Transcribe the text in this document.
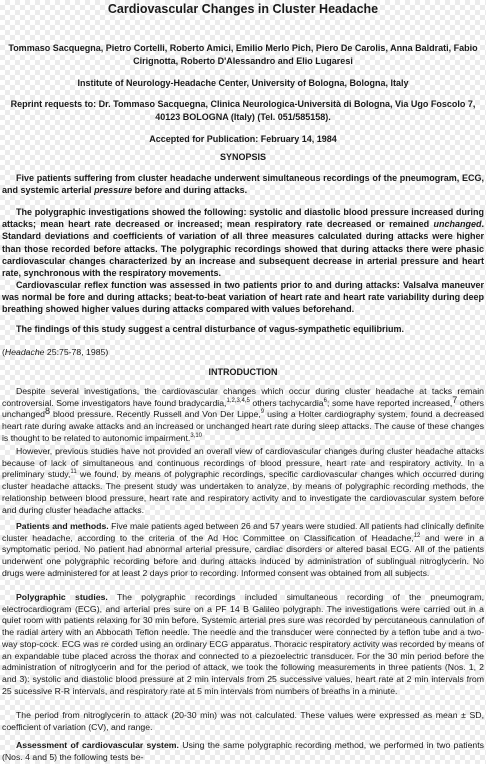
Cardiovascular Changes in Cluster Headache
Tommaso Sacquegna, Pietro Cortelli, Roberto Amici, Emilio Merlo Pich, Piero De Carolis, Anna Baldrati, Fabio Cirignotta, Roberto D'Alessandro and Elio Lugaresi
Institute of Neurology-Headache Center, University of Bologna, Bologna, Italy
Reprint requests to: Dr. Tommaso Sacquegna, Clinica Neurologica-Università di Bologna, Via Ugo Foscolo 7, 40123 BOLOGNA (Italy) (Tel. 051/585158).
Accepted for Publication: February 14, 1984
SYNOPSIS
Five patients suffering from cluster headache underwent simultaneous recordings of the pneumogram, ECG, and systemic arterial pressure before and during attacks.
The polygraphic investigations showed the following: systolic and diastolic blood pressure increased during attacks; mean heart rate decreased or increased; mean respiratory rate decreased or remained unchanged. Standard deviations and coefficients of variation of all three measures calculated during attacks were higher than those recorded before attacks. The polygraphic recordings showed that during attacks there were phasic cardiovascular changes characterized by an increase and subsequent decrease in arterial pressure and heart rate, synchronous with the respiratory movements.
Cardiovascular reflex function was assessed in two patients prior to and during attacks: Valsalva maneuver was normal be fore and during attacks; beat-to-beat variation of heart rate and heart rate variability during deep breathing showed higher values during attacks compared with values beforehand.
The findings of this study suggest a central disturbance of vagus-sympathetic equilibrium.
(Headache 25:75-78, 1985)
INTRODUCTION
Despite several investigations, the cardiovascular changes which occur during cluster headache at tacks remain controversial. Some investigators have found bradycardia,$^{1,2,3,4,5}$ others tachycardia$^6$; some have reported increased,7 others unchanged8 blood pressure. Recently Russell and Von Der Lippe,$^9$ using a Holter cardiography system, found a decreased heart rate during awake attacks and an increased or unchanged heart rate during sleep attacks. The cause of these changes is thought to be related to autonomic impairment.$^{3,10}$
However, previous studies have not provided an overall view of cardiovascular changes during cluster headache attacks because of lack of simultaneous and continuous recordings of blood pressure, heart rate and respiratory activity. In a preliminary study,$^{11}$ we found, by means of polygraphic recordings, specific cardiovascular changes which occurred during cluster headache attacks. The present study was undertaken to analyze, by means of polygraphic recording methods, the relationship between blood pressure, heart rate and respiratory activity and to investigate the cardiovascular system before and during cluster headache attacks.
Patients and methods. Five male patients aged between 26 and 57 years were studied. All patients had clinically definite cluster headache, according to the criteria of the Ad Hoc Committee on Classification of Headache,$^{12}$ and were in a symptomatic period. No patient had abnormal arterial pressure, cardiac disorders or altered basal ECG. All of the patients underwent one polygraphic recording before and during attacks induced by administration of sublingual nitroglycerin. No drugs were administered for at least 2 days prior to recording. Informed consent was obtained from all subjects.
Polygraphic studies. The polygraphic recordings included simultaneous recording of the pneumogram, electrocardiogram (ECG), and arterial pres sure on a PF 14 B Galileo polygraph. The investigations were carried out in a quiet room with patients relaxing for 30 min before. Systemic arterial pres sure was recorded by percutaneous cannulation of the radial artery with an Abbocath Teflon needle. The needle and the transducer were connected by a teflon tube and a two-way stop-cock. ECG was re corded using an ordinary ECG apparatus. Thoracic respiratory activity was recorded by means of an expandable tube placed across the thorax and connected to a piezoelectric transducer. For the 30 min period before the administration of nitroglycerin and for the period of attack, we took the following measurements in three patients (Nos. 1, 2 and 3): systolic and diastolic blood pressure at 2 min intervals from 25 successive values, heart rate at 2 min intervals from 25 sucessive R-R intervals, and respiratory rate at 5 min intervals from numbers of breaths in a minute.
The period from nitroglycerin to attack (20-30 min) was not calculated. These values were expressed as mean ± SD, coefficient of variation (CV), and range.
Assessment of cardiovascular system. Using the same polygraphic recording method, we performed in two patients (Nos. 4 and 5) the following tests be-
